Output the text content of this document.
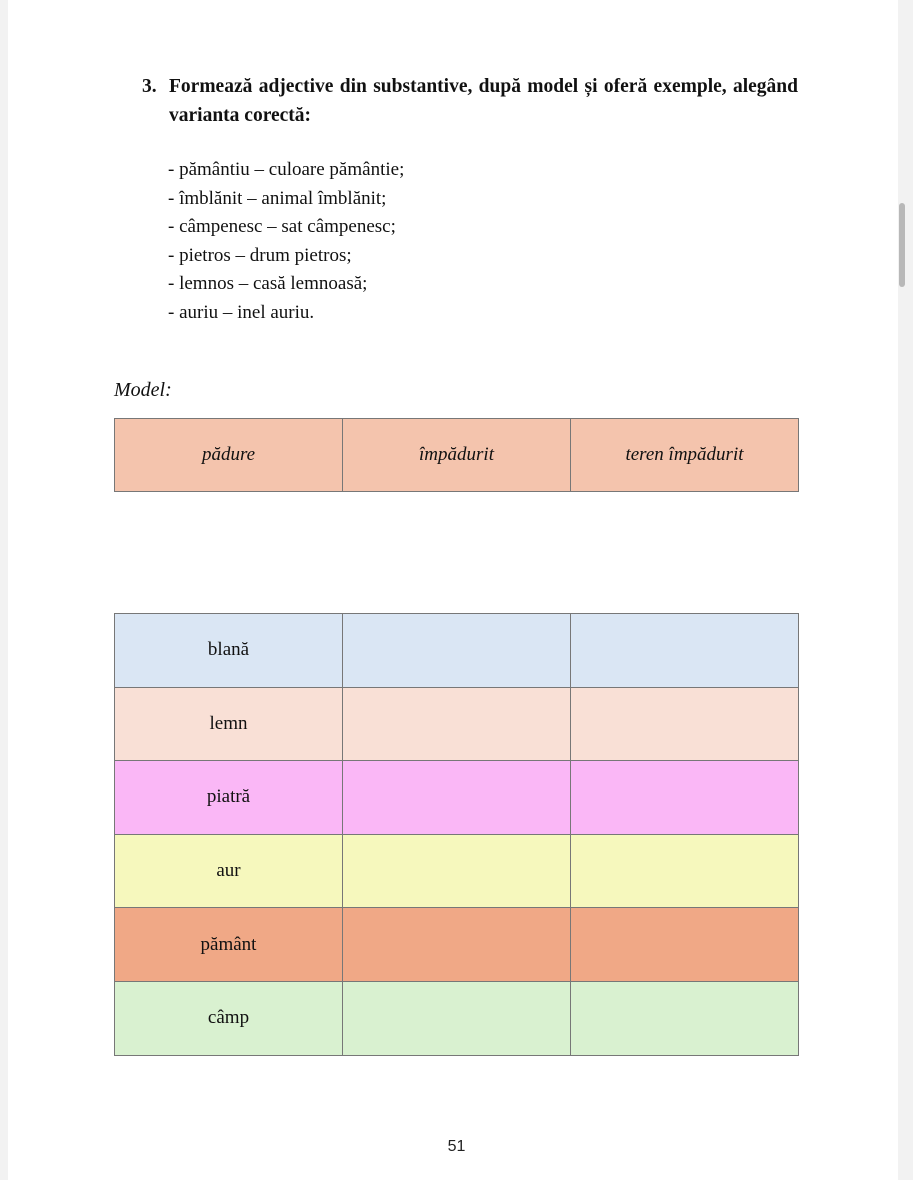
3. Formează adjective din substantive, după model și oferă exemple, alegând varianta corectă:
- pământiu – culoare pământie;
- îmblănit – animal îmblănit;
- câmpenesc – sat câmpenesc;
- pietros – drum pietros;
- lemnos – casă lemnoasă;
- auriu – inel auriu.
Model:
pădure	împădurit	teren împădurit
blană		
lemn		
piatră		
aur		
pământ		
câmp		
51
